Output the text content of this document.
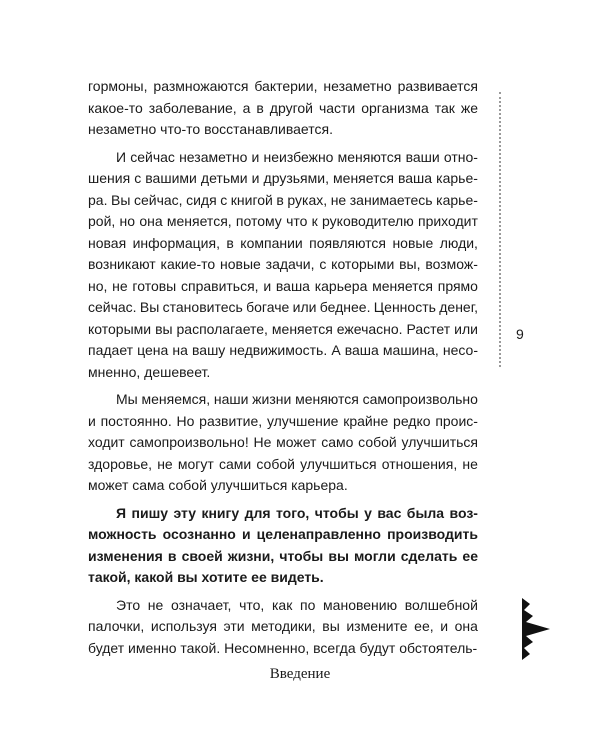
гормоны, размножаются бактерии, незаметно развивается
какое-то заболевание, а в другой части организма так же
незаметно что-то восстанавливается.
И сейчас незаметно и неизбежно меняются ваши отно-
шения с вашими детьми и друзьями, меняется ваша карье-
ра. Вы сейчас, сидя с книгой в руках, не занимаетесь карье-
рой, но она меняется, потому что к руководителю приходит
новая информация, в компании появляются новые люди,
возникают какие-то новые задачи, с которыми вы, возмож-
но, не готовы справиться, и ваша карьера меняется прямо
сейчас. Вы становитесь богаче или беднее. Ценность денег,
которыми вы располагаете, меняется ежечасно. Растет или
падает цена на вашу недвижимость. А ваша машина, несо-
мненно, дешевеет.
Мы меняемся, наши жизни меняются самопроизвольно
и постоянно. Но развитие, улучшение крайне редко проис-
ходит самопроизвольно! Не может само собой улучшиться
здоровье, не могут сами собой улучшиться отношения, не
может сама собой улучшиться карьера.
Я пишу эту книгу для того, чтобы у вас была воз-
можность осознанно и целенаправленно производить
изменения в своей жизни, чтобы вы могли сделать ее
такой, какой вы хотите ее видеть.
Это не означает, что, как по мановению волшебной
палочки, используя эти методики, вы измените ее, и она
будет именно такой. Несомненно, всегда будут обстоятель-
9
Введение
